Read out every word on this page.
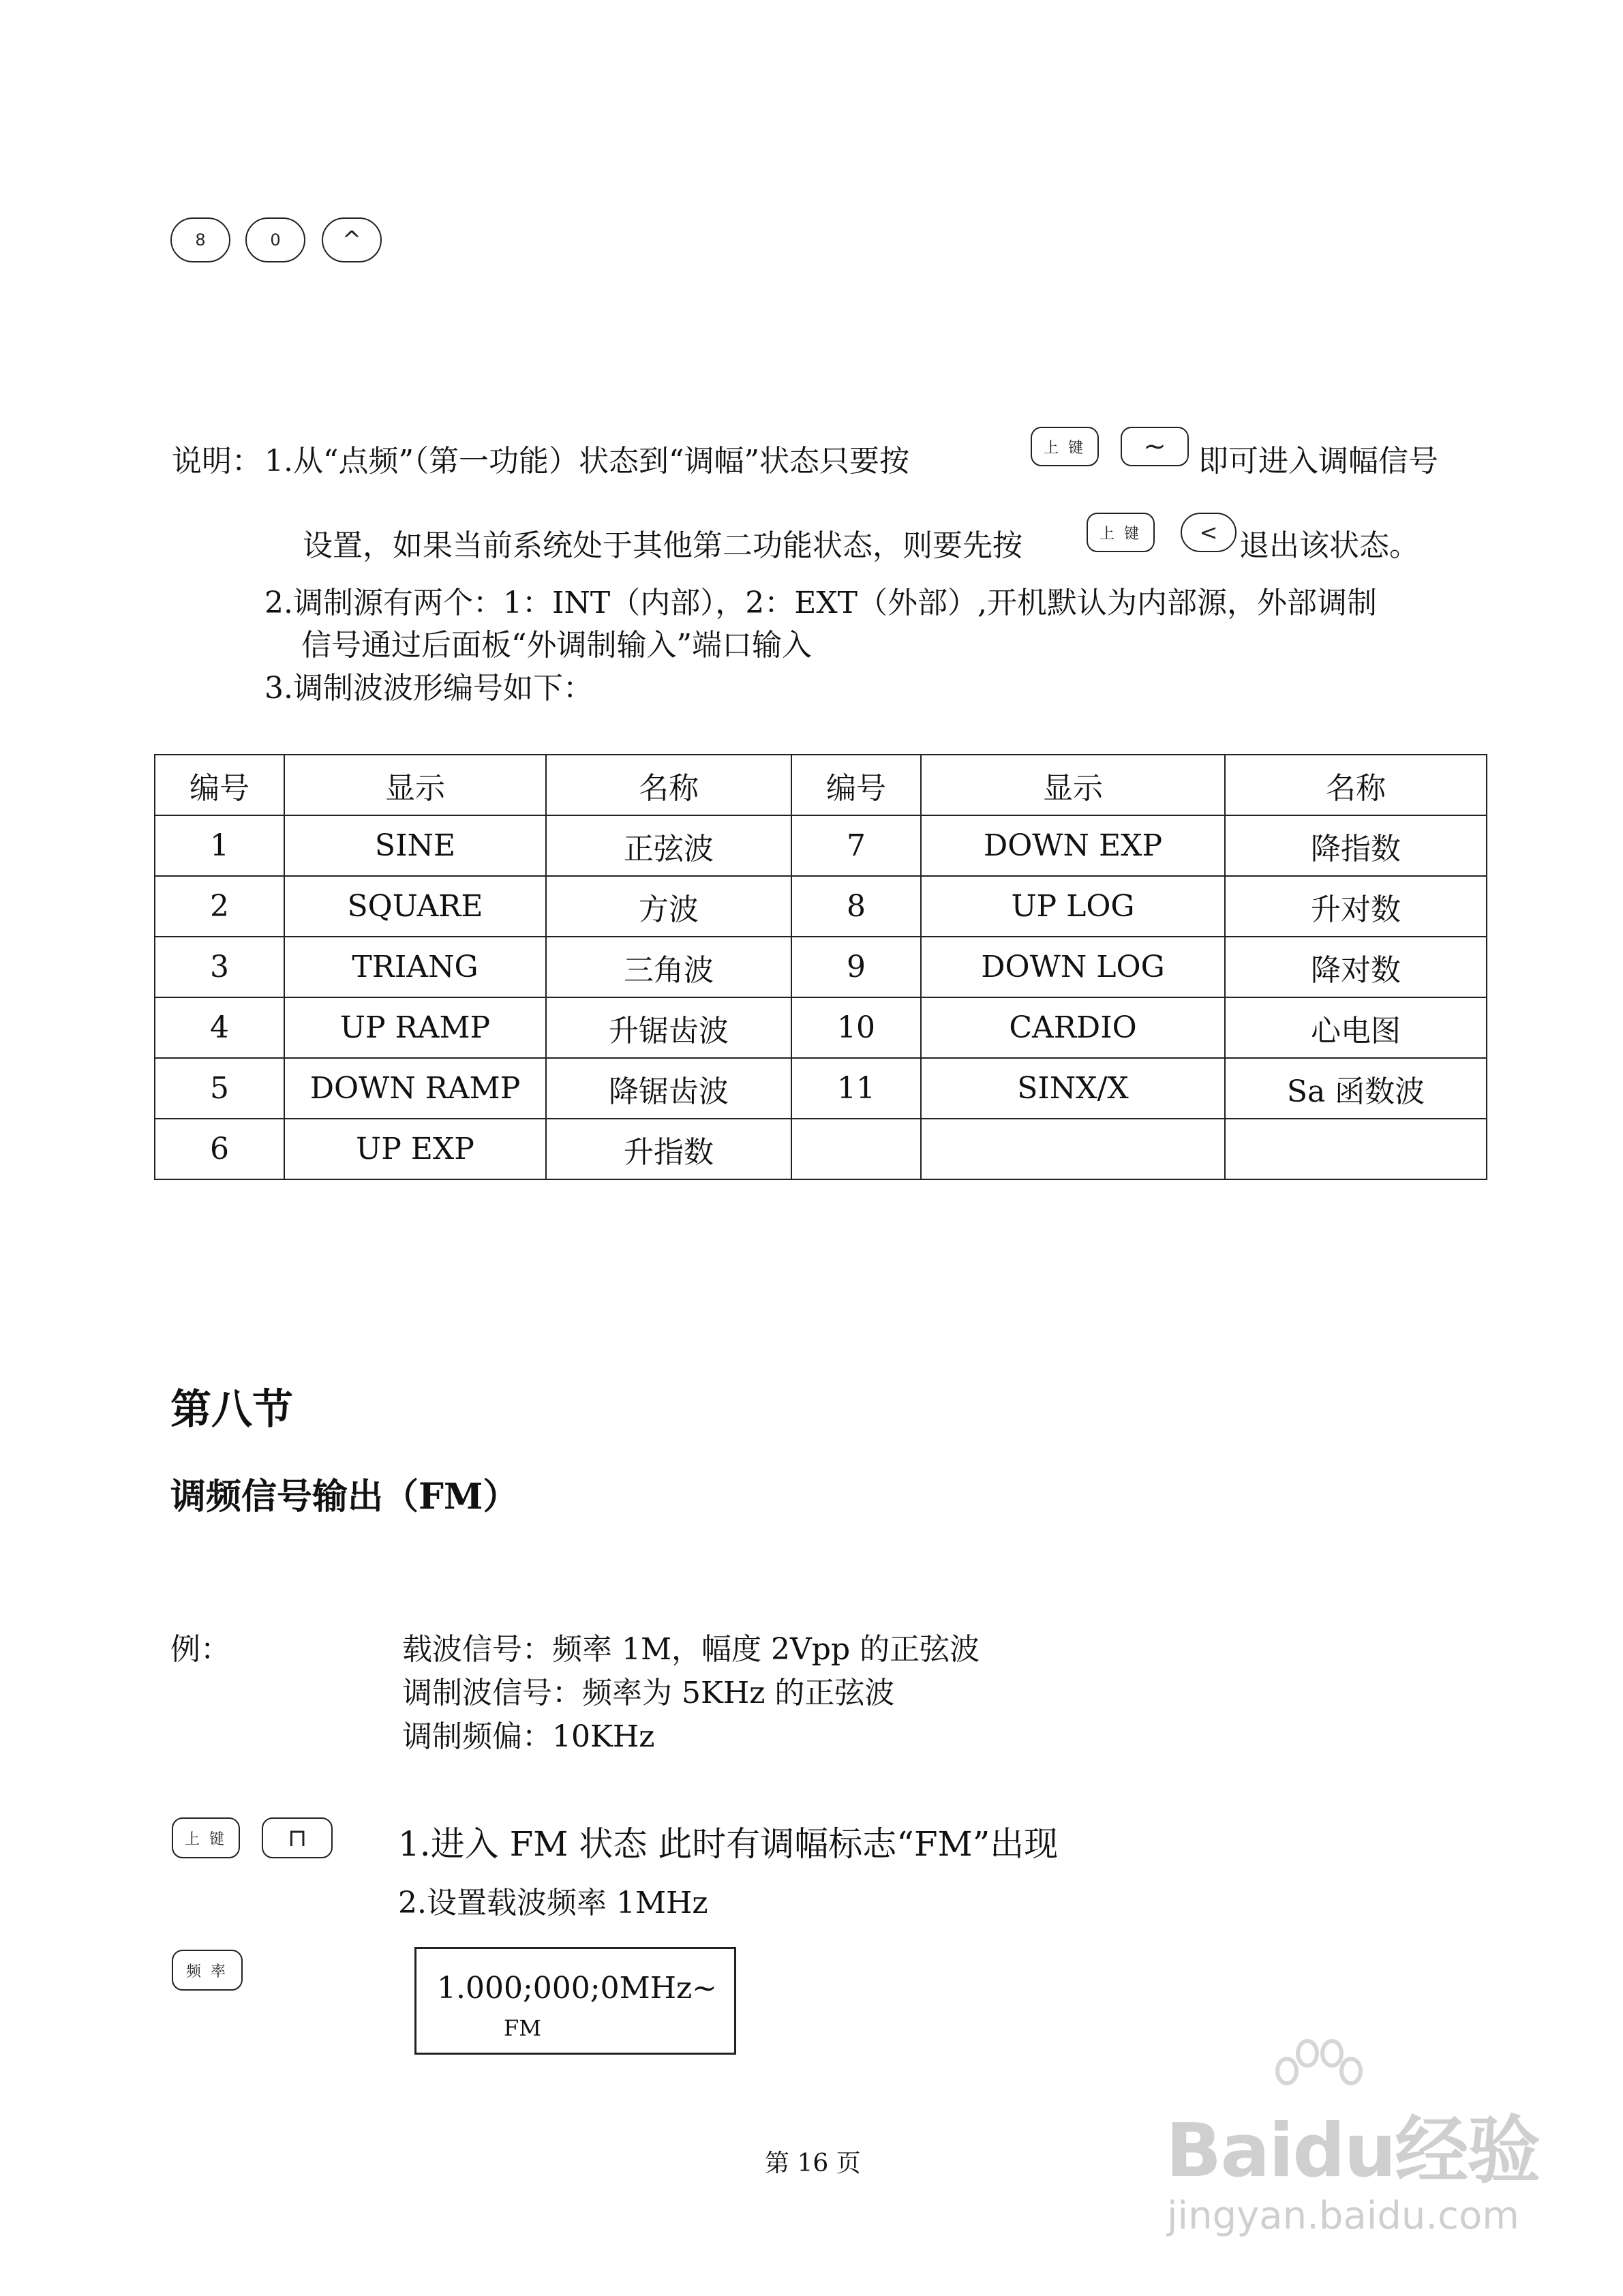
8	0	^
说明： 1.从“点频”（第一功能）状态到“调幅”状态只要按	上键 ∼ 即可进入调幅信号
设置，如果当前系统处于其他第二功能状态，则要先按	上键 < 退出该状态。
2.调制源有两个：1：INT（内部），2：EXT（外部）,开机默认为内部源，外部调制
信号通过后面板“外调制输入”端口输入
3.调制波波形编号如下：
编号	显示	名称	编号	显示	名称
1	SINE	正弦波	7	DOWN EXP	降指数
2	SQUARE	方波	8	UP LOG	升对数
3	TRIANG	三角波	9	DOWN LOG	降对数
4	UP RAMP	升锯齿波	10	CARDIO	心电图
5	DOWN RAMP	降锯齿波	11	SINX/X	Sa 函数波
6	UP EXP	升指数			
第八节
调频信号输出（FM）
例：	载波信号：频率 1M，幅度 2Vpp 的正弦波
调制波信号：频率为 5KHz 的正弦波
调制频偏：10KHz
上键 ⊓	1.进入 FM 状态 此时有调幅标志“FM”出现
2.设置载波频率 1MHz
频率	1.000;000;0MHz ~
FM
第 16 页	Baidu经验
jingyan.baidu.com
